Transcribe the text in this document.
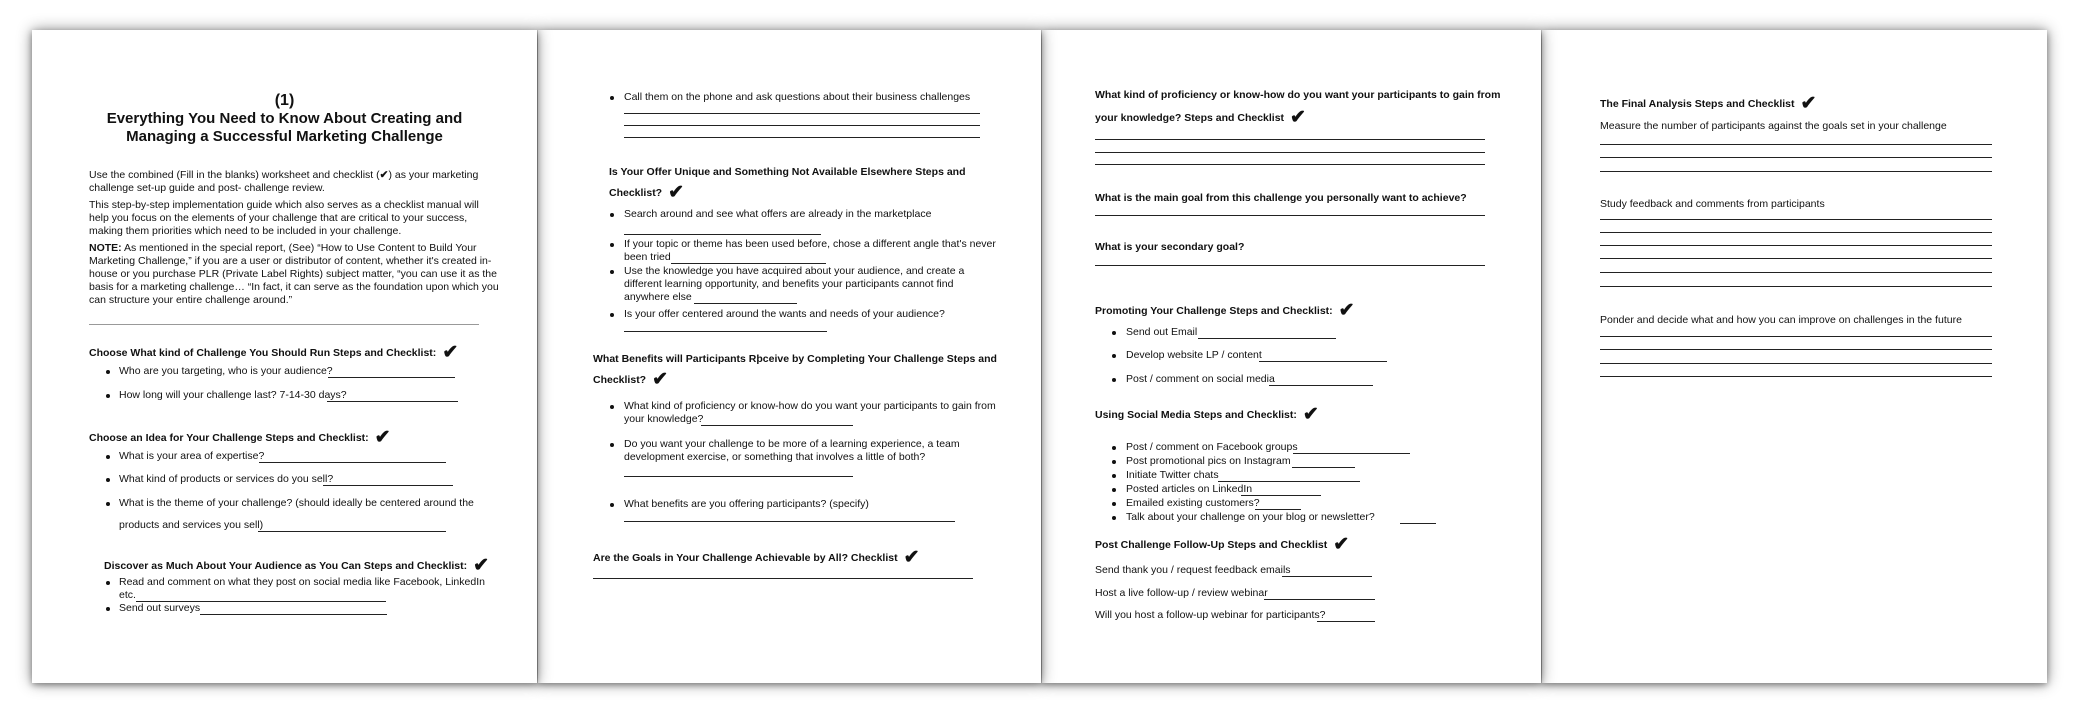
(1)
Everything You Need to Know About Creating and
Managing a Successful Marketing Challenge
Use the combined (Fill in the blanks) worksheet and checklist (✔) as your marketing
challenge set-up guide and post- challenge review.
This step-by-step implementation guide which also serves as a checklist manual will
help you focus on the elements of your challenge that are critical to your success,
making them priorities which need to be included in your challenge.
NOTE: As mentioned in the special report, (See) “How to Use Content to Build Your
Marketing Challenge,” if you are a user or distributor of content, whether it's created in-
house or you purchase PLR (Private Label Rights) subject matter, “you can use it as the
basis for a marketing challenge… “In fact, it can serve as the foundation upon which you
can structure your entire challenge around.”
Choose What kind of Challenge You Should Run Steps and Checklist: ✔
Who are you targeting, who is your audience?
How long will your challenge last? 7-14-30 days?
Choose an Idea for Your Challenge Steps and Checklist: ✔
What is your area of expertise?
What kind of products or services do you sell?
What is the theme of your challenge? (should ideally be centered around the
products and services you sell)
Discover as Much About Your Audience as You Can Steps and Checklist: ✔
Read and comment on what they post on social media like Facebook, LinkedIn
etc.
Send out surveys
Call them on the phone and ask questions about their business challenges
Is Your Offer Unique and Something Not Available Elsewhere Steps and
Checklist? ✔
Search around and see what offers are already in the marketplace
If your topic or theme has been used before, chose a different angle that's never
been tried
Use the knowledge you have acquired about your audience, and create a
different learning opportunity, and benefits your participants cannot find
anywhere else
Is your offer centered around the wants and needs of your audience?
What Benefits will Participants Rþceive by Completing Your Challenge Steps and
Checklist? ✔
What kind of proficiency or know-how do you want your participants to gain from
your knowledge?
Do you want your challenge to be more of a learning experience, a team
development exercise, or something that involves a little of both?
What benefits are you offering participants? (specify)
Are the Goals in Your Challenge Achievable by All? Checklist ✔
What kind of proficiency or know-how do you want your participants to gain from
your knowledge? Steps and Checklist ✔
What is the main goal from this challenge you personally want to achieve?
What is your secondary goal?
Promoting Your Challenge Steps and Checklist: ✔
Send out Email
Develop website LP / content
Post / comment on social media
Using Social Media Steps and Checklist: ✔
Post / comment on Facebook groups
Post promotional pics on Instagram
Initiate Twitter chats
Posted articles on LinkedIn
Emailed existing customers?
Talk about your challenge on your blog or newsletter?
Post Challenge Follow-Up Steps and Checklist ✔
Send thank you / request feedback emails
Host a live follow-up / review webinar
Will you host a follow-up webinar for participants?
The Final Analysis Steps and Checklist ✔
Measure the number of participants against the goals set in your challenge
Study feedback and comments from participants
Ponder and decide what and how you can improve on challenges in the future
